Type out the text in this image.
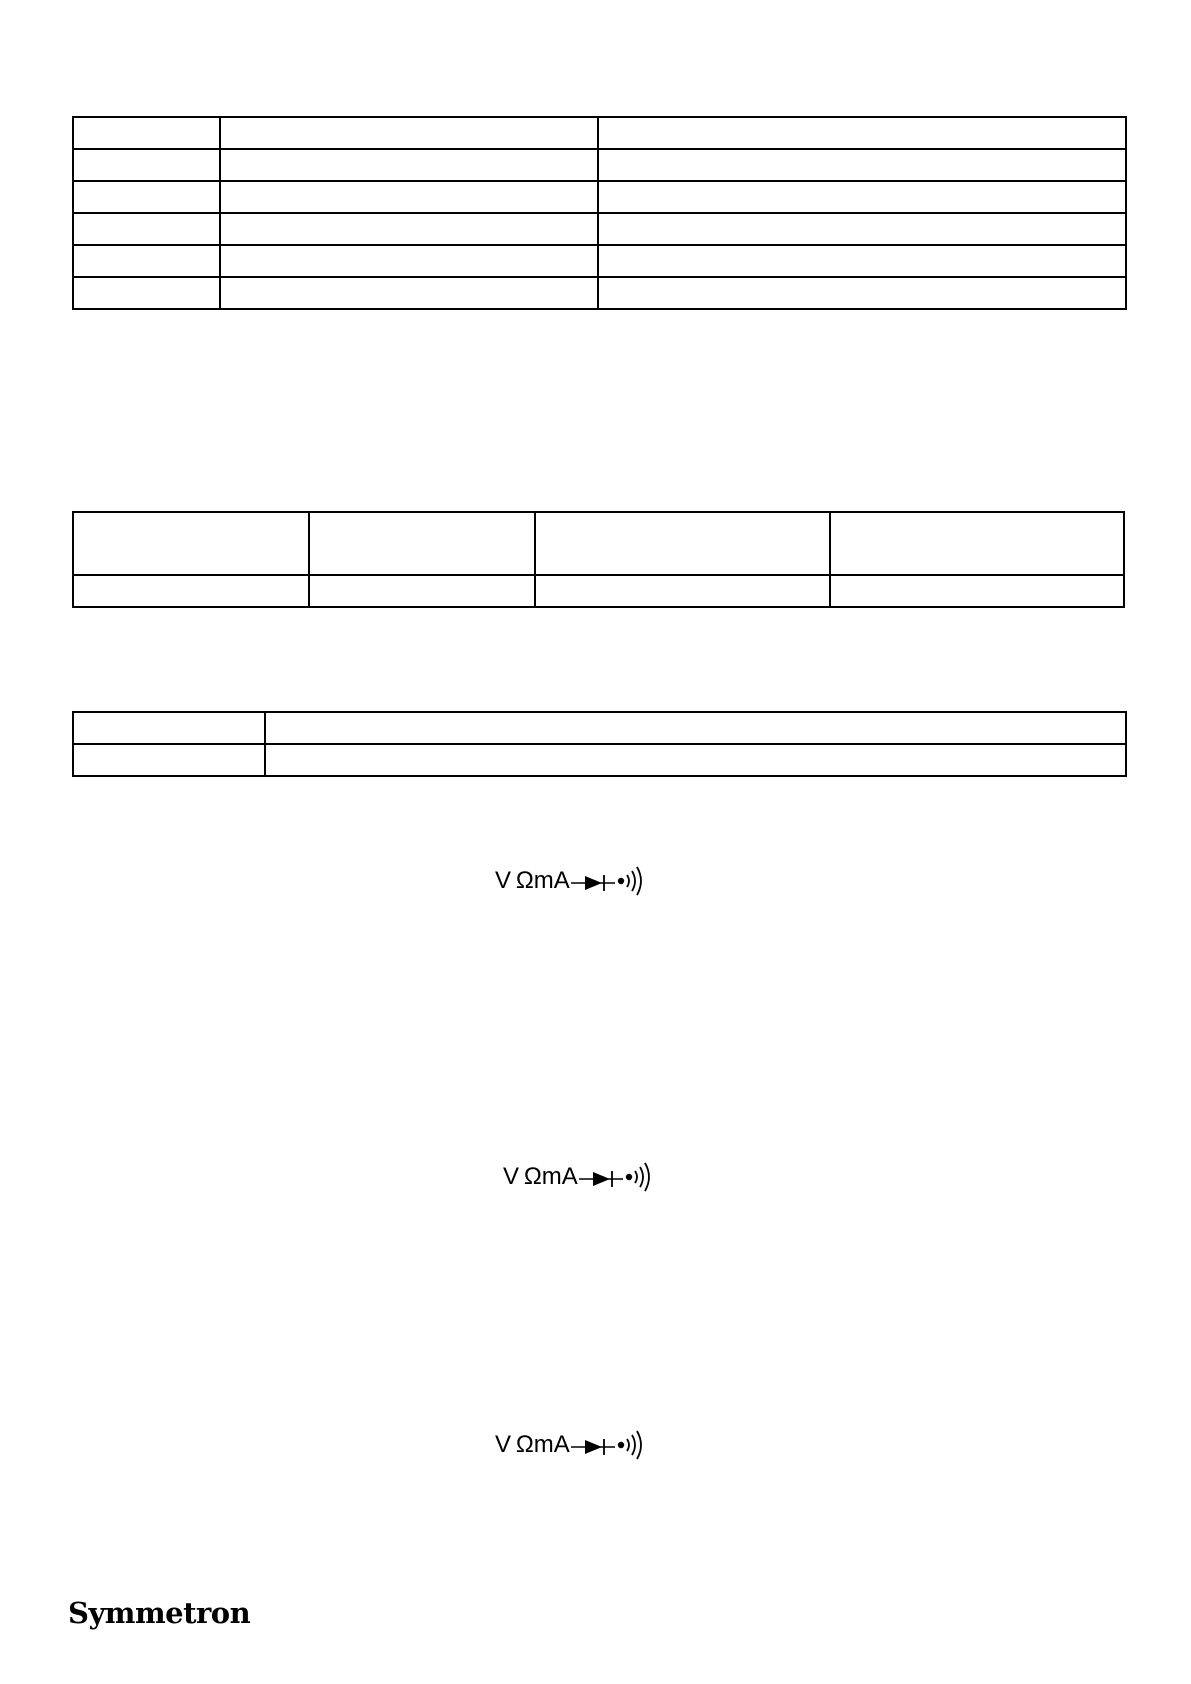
V ΩmA
V ΩmA
V ΩmA
Symmetron
